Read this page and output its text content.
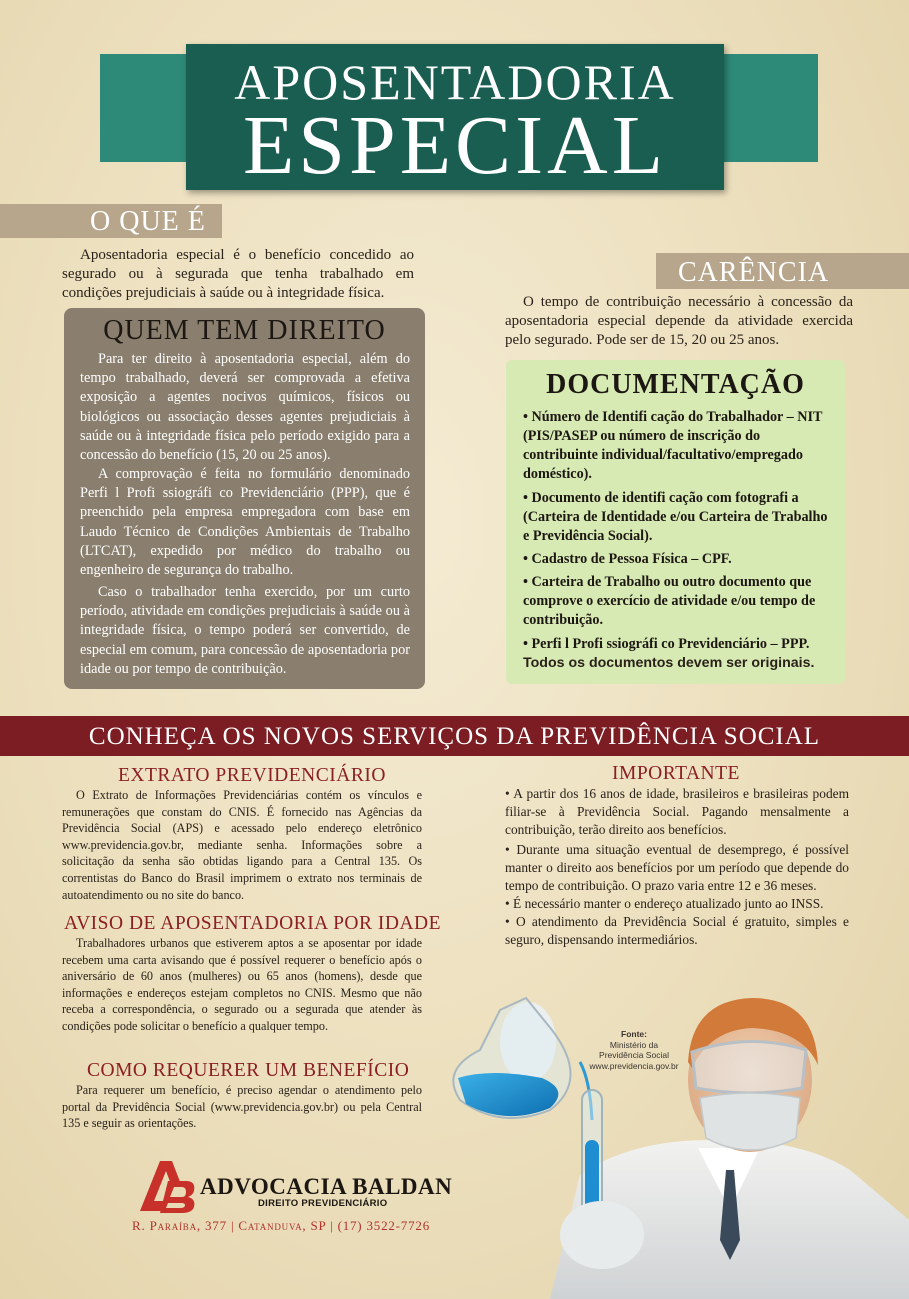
APOSENTADORIA
ESPECIAL
O QUE É

Aposentadoria especial é o benefício concedido ao segurado ou à segurada que tenha trabalhado em condições prejudiciais à saúde ou à integridade física.

CARÊNCIA

O tempo de contribuição necessário à concessão da aposentadoria especial depende da atividade exercida pelo segurado. Pode ser de 15, 20 ou 25 anos.

QUEM TEM DIREITO

Para ter direito à aposentadoria especial, além do tempo trabalhado, deverá ser comprovada a efetiva exposição a agentes nocivos químicos, físicos ou biológicos ou associação desses agentes prejudiciais à saúde ou à integridade física pelo período exigido para a concessão do benefício (15, 20 ou 25 anos).

A comprovação é feita no formulário denominado Perfi l Profi ssiográfi co Previdenciário (PPP), que é preenchido pela empresa empregadora com base em Laudo Técnico de Condições Ambientais de Trabalho (LTCAT), expedido por médico do trabalho ou engenheiro de segurança do trabalho.

Caso o trabalhador tenha exercido, por um curto período, atividade em condições prejudiciais à saúde ou à integridade física, o tempo poderá ser convertido, de especial em comum, para concessão de aposentadoria por idade ou por tempo de contribuição.

DOCUMENTAÇÃO

• Número de Identifi cação do Trabalhador – NIT (PIS/PASEP ou número de inscrição do contribuinte individual/facultativo/empregado doméstico).

• Documento de identifi cação com fotografi a (Carteira de Identidade e/ou Carteira de Trabalho e Previdência Social).

• Cadastro de Pessoa Física – CPF.

• Carteira de Trabalho ou outro documento que comprove o exercício de atividade e/ou tempo de contribuição.

• Perfi l Profi ssiográfi co Previdenciário – PPP.

Todos os documentos devem ser originais.
CONHEÇA OS NOVOS SERVIÇOS DA PREVIDÊNCIA SOCIAL
EXTRATO PREVIDENCIÁRIO

O Extrato de Informações Previdenciárias contém os vínculos e remunerações que constam do CNIS. É fornecido nas Agências da Previdência Social (APS) e acessado pelo endereço eletrônico www.previdencia.gov.br, mediante senha. Informações sobre a solicitação da senha são obtidas ligando para a Central 135. Os correntistas do Banco do Brasil imprimem o extrato nos terminais de autoatendimento ou no site do banco.

AVISO DE APOSENTADORIA POR IDADE

Trabalhadores urbanos que estiverem aptos a se aposentar por idade recebem uma carta avisando que é possível requerer o benefício após o aniversário de 60 anos (mulheres) ou 65 anos (homens), desde que informações e endereços estejam completos no CNIS. Mesmo que não receba a correspondência, o segurado ou a segurada que atender às condições pode solicitar o benefício a qualquer tempo.

COMO REQUERER UM BENEFÍCIO

Para requerer um benefício, é preciso agendar o atendimento pelo portal da Previdência Social (www.previdencia.gov.br) ou pela Central 135 e seguir as orientações.

IMPORTANTE

• A partir dos 16 anos de idade, brasileiros e brasileiras podem filiar-se à Previdência Social. Pagando mensalmente a contribuição, terão direito aos benefícios.

• Durante uma situação eventual de desemprego, é possível manter o direito aos benefícios por um período que depende do tempo de contribuição. O prazo varia entre 12 e 36 meses.

• É necessário manter o endereço atualizado junto ao INSS.

• O atendimento da Previdência Social é gratuito, simples e seguro, dispensando intermediários.

Fonte:
Ministério da
Previdência Social
www.previdencia.gov.br
ADVOCACIA BALDAN
DIREITO PREVIDENCIÁRIO
R. Paraíba, 377 | Catanduva, SP | (17) 3522-7726
